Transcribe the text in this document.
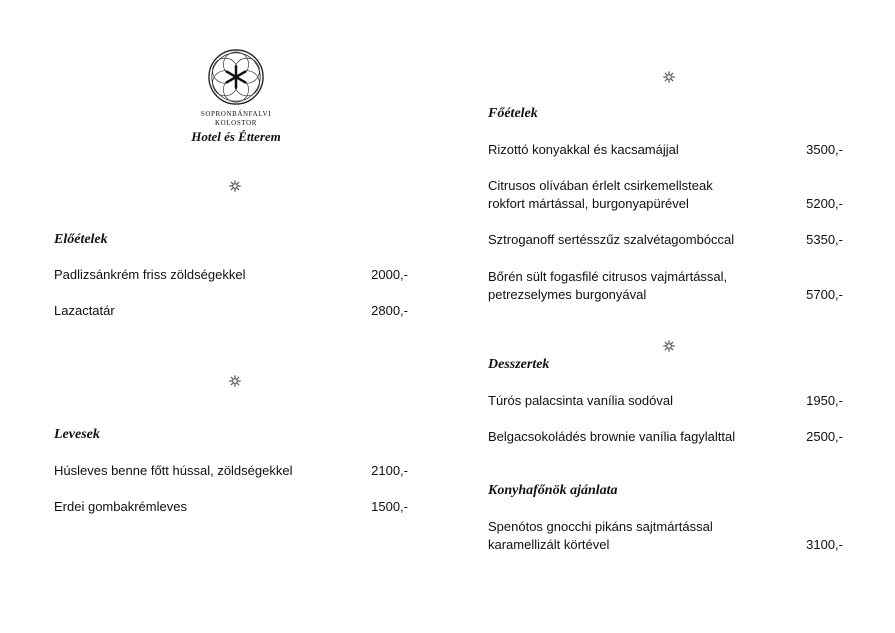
SOPRONBÁNFALVI
KOLOSTOR
Hotel és Étterem
Előételek
Padlizsánkrém friss zöldségekkel	2000,-
Lazactatár	2800,-
Levesek
Húsleves benne főtt hússal, zöldségekkel	2100,-
Erdei gombakrémleves	1500,-
Főételek
Rizottó konyakkal és kacsamájjal	3500,-
Citrusos olívában érlelt csirkemellsteak
rokfort mártással, burgonyapürével	5200,-
Sztroganoff sertésszűz szalvétagombóccal	5350,-
Bőrén sült fogasfilé citrusos vajmártással,
petrezselymes burgonyával	5700,-
Desszertek
Túrós palacsinta vanília sodóval	1950,-
Belgacsokoládés brownie vanília fagylalttal	2500,-
Konyhafőnök ajánlata
Spenótos gnocchi pikáns sajtmártással
karamellizált körtével	3100,-
